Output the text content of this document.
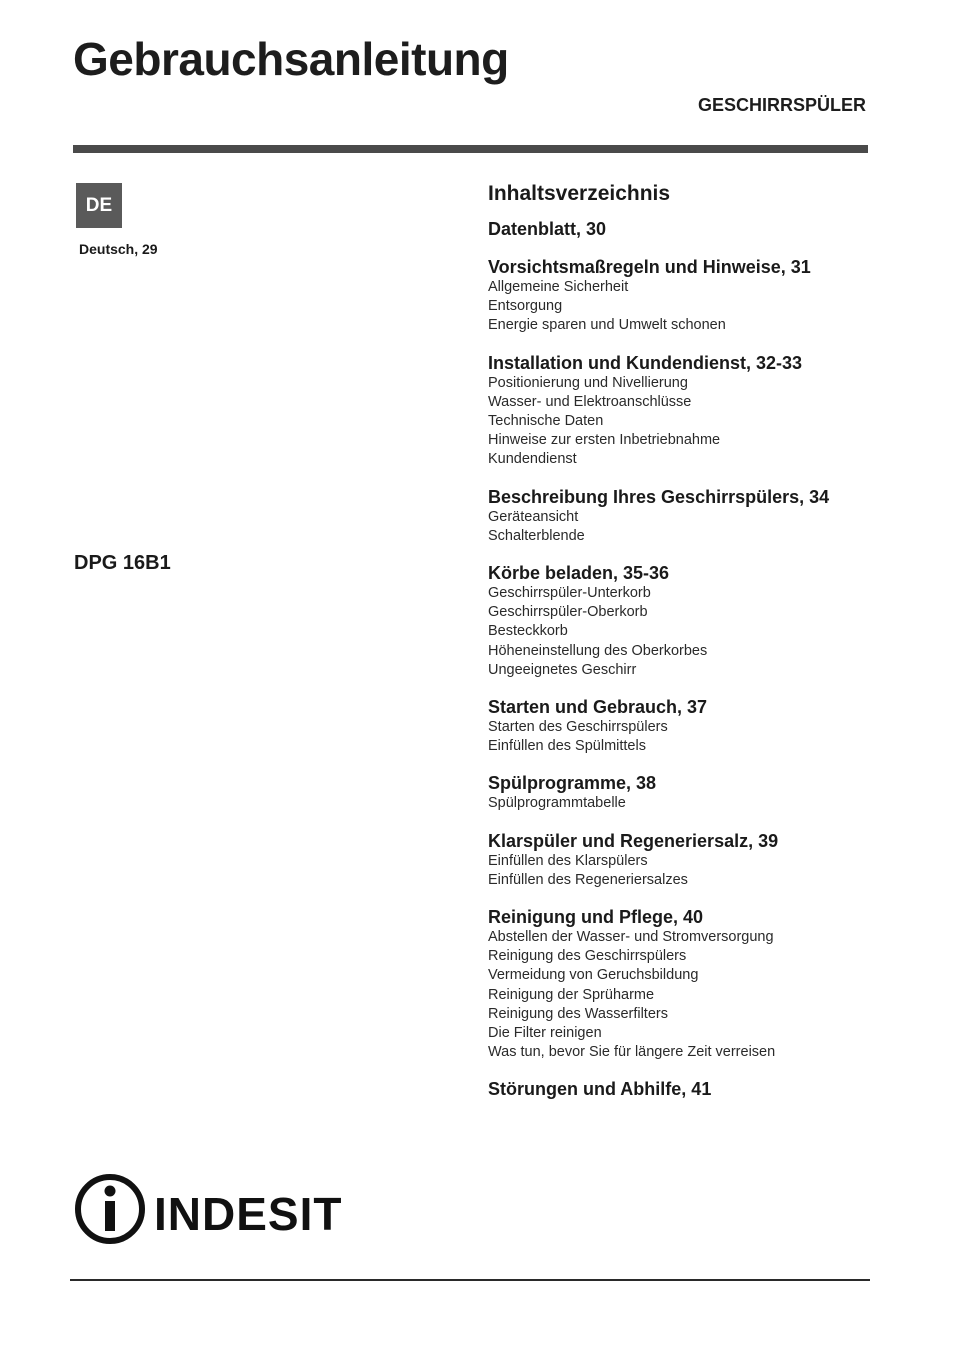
Gebrauchsanleitung
GESCHIRRSPÜLER
DE
Deutsch, 29
DPG 16B1
Inhaltsverzeichnis
Datenblatt, 30
Vorsichtsmaßregeln und Hinweise, 31
Allgemeine Sicherheit
Entsorgung
Energie sparen und Umwelt schonen
Installation und Kundendienst, 32-33
Positionierung und Nivellierung
Wasser- und Elektroanschlüsse
Technische Daten
Hinweise zur ersten Inbetriebnahme
Kundendienst
Beschreibung Ihres Geschirrspülers, 34
Geräteansicht
Schalterblende
Körbe beladen, 35-36
Geschirrspüler-Unterkorb
Geschirrspüler-Oberkorb
Besteckkorb
Höheneinstellung des Oberkorbes
Ungeeignetes Geschirr
Starten und Gebrauch, 37
Starten des Geschirrspülers
Einfüllen des Spülmittels
Spülprogramme, 38
Spülprogrammtabelle
Klarspüler und Regeneriersalz, 39
Einfüllen des Klarspülers
Einfüllen des Regeneriersalzes
Reinigung und Pflege, 40
Abstellen der Wasser- und Stromversorgung
Reinigung des Geschirrspülers
Vermeidung von Geruchsbildung
Reinigung der Sprüharme
Reinigung des Wasserfilters
Die Filter reinigen
Was tun, bevor Sie für längere Zeit verreisen
Störungen und Abhilfe, 41
INDESIT
